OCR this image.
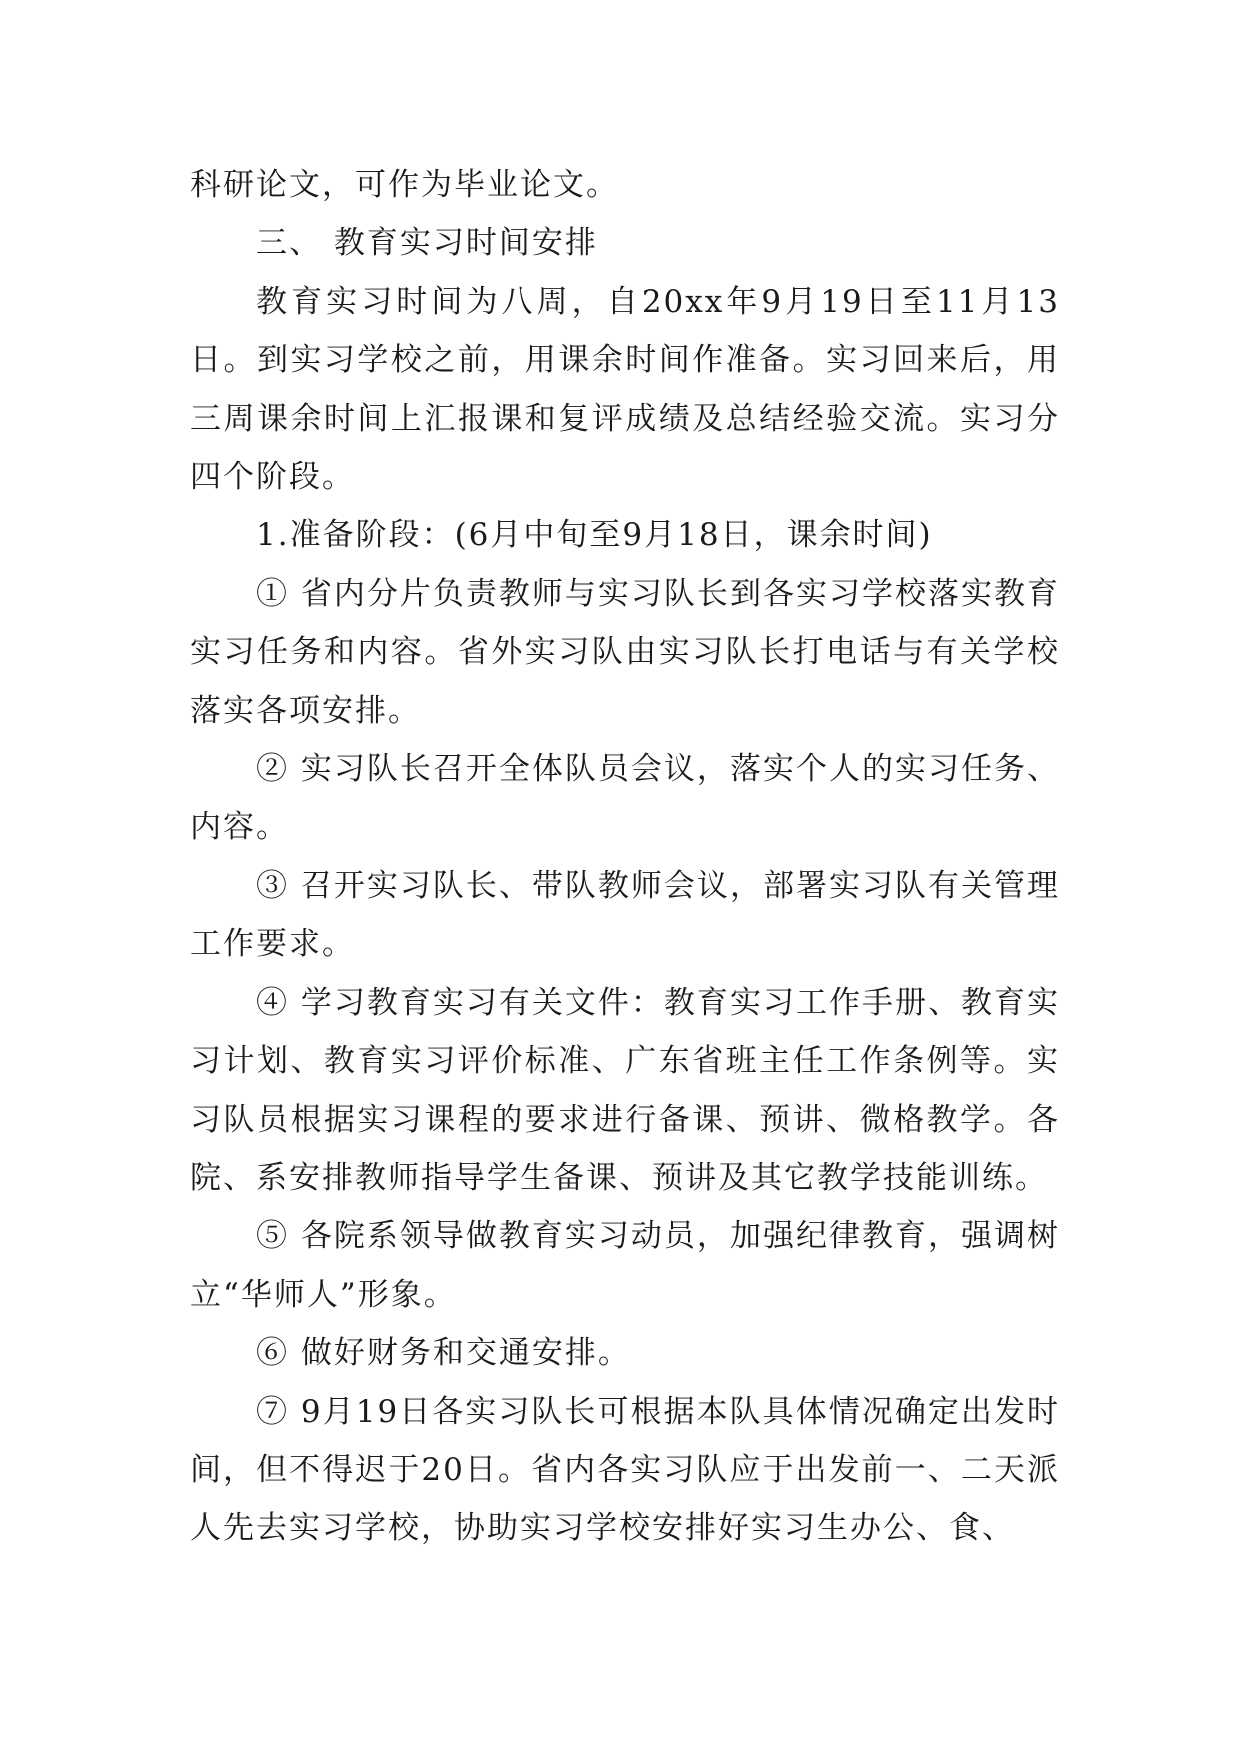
科研论文，可作为毕业论文。

三、 教育实习时间安排

教育实习时间为八周，自20xx年9月19日至11月13日。到实习学校之前，用课余时间作准备。实习回来后，用三周课余时间上汇报课和复评成绩及总结经验交流。实习分四个阶段。

1.准备阶段：(6月中旬至9月18日，课余时间)

① 省内分片负责教师与实习队长到各实习学校落实教育实习任务和内容。省外实习队由实习队长打电话与有关学校落实各项安排。

② 实习队长召开全体队员会议，落实个人的实习任务、内容。

③ 召开实习队长、带队教师会议，部署实习队有关管理工作要求。

④ 学习教育实习有关文件：教育实习工作手册、教育实习计划、教育实习评价标准、广东省班主任工作条例等。实习队员根据实习课程的要求进行备课、预讲、微格教学。各院、系安排教师指导学生备课、预讲及其它教学技能训练。

⑤ 各院系领导做教育实习动员，加强纪律教育，强调树立“华师人”形象。

⑥ 做好财务和交通安排。

⑦ 9月19日各实习队长可根据本队具体情况确定出发时间，但不得迟于20日。省内各实习队应于出发前一、二天派人先去实习学校，协助实习学校安排好实习生办公、食、
